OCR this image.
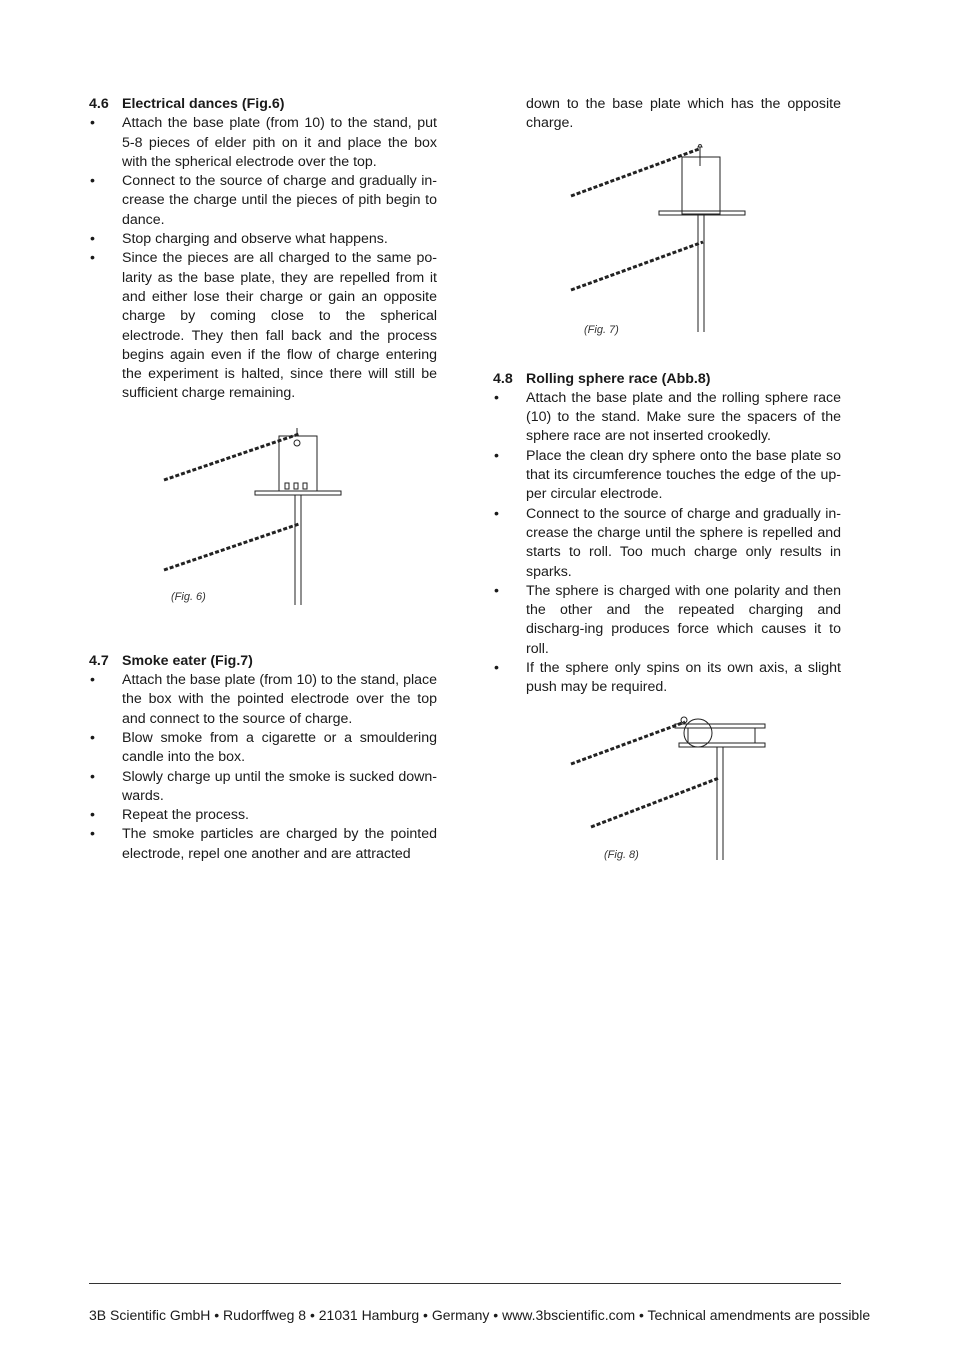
4.6 Electrical dances (Fig.6)

• Attach the base plate (from 10) to the stand, put 5-8 pieces of elder pith on it and place the box with the spherical electrode over the top.
• Connect to the source of charge and gradually in-crease the charge until the pieces of pith begin to dance.
• Stop charging and observe what happens.
• Since the pieces are all charged to the same po-larity as the base plate, they are repelled from it and either lose their charge or gain an opposite charge by coming close to the spherical electrode. They then fall back and the process begins again even if the flow of charge entering the experiment is halted, since there will still be sufficient charge remaining.
(Fig. 6)

4.7 Smoke eater (Fig.7)

• Attach the base plate (from 10) to the stand, place the box with the pointed electrode over the top and connect to the source of charge.
• Blow smoke from a cigarette or a smouldering candle into the box.
• Slowly charge up until the smoke is sucked down-wards.
• Repeat the process.
• The smoke particles are charged by the pointed electrode, repel one another and are attracted

down to the base plate which has the opposite charge.

(Fig. 7)

4.8 Rolling sphere race (Abb.8)

• Attach the base plate and the rolling sphere race (10) to the stand. Make sure the spacers of the sphere race are not inserted crookedly.
• Place the clean dry sphere onto the base plate so that its circumference touches the edge of the up-per circular electrode.
• Connect to the source of charge and gradually in-crease the charge until the sphere is repelled and starts to roll. Too much charge only results in sparks.
• The sphere is charged with one polarity and then the other and the repeated charging and discharg-ing produces force which causes it to roll.
• If the sphere only spins on its own axis, a slight push may be required.
(Fig. 8)
3B Scientific GmbH • Rudorffweg 8 • 21031 Hamburg • Germany • www.3bscientific.com • Technical amendments are possible
